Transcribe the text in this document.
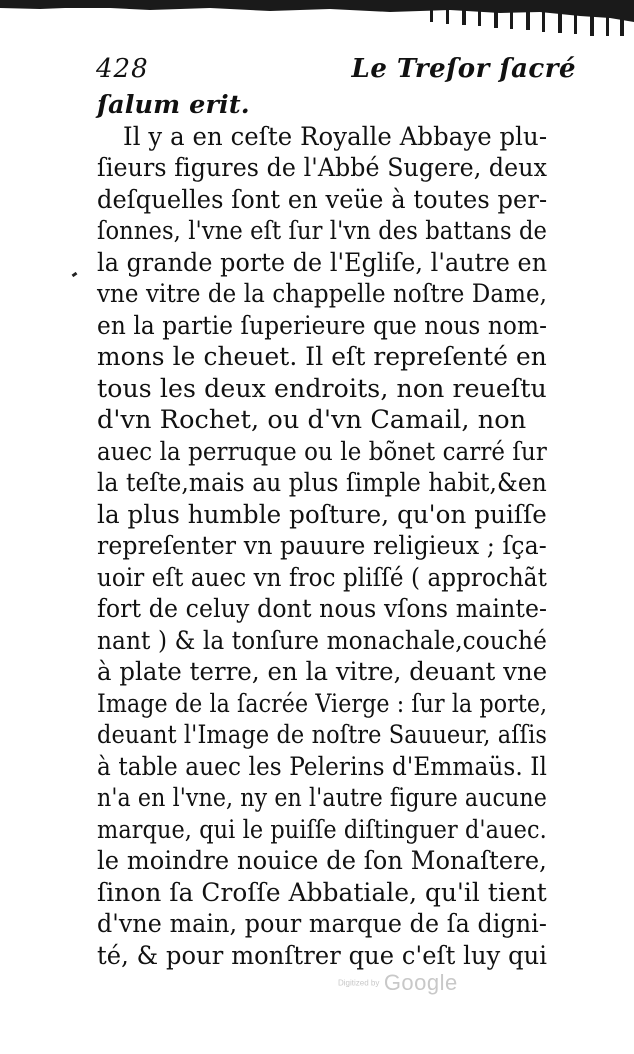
428	Le Treſor ſacré
ſalum erit.
Il y a en ceſte Royalle Abbaye plu-
ſieurs figures de l'Abbé Sugere, deux
deſquelles ſont en veüe à toutes per-
ſonnes, l'vne eſt ſur l'vn des battans de
la grande porte de l'Egliſe, l'autre en
vne vitre de la chappelle noſtre Dame,
en la partie ſuperieure que nous nom-
mons le cheuet. Il eſt repreſenté en
tous les deux endroits, non reueſtu
d'vn Rochet, ou d'vn Camail, non
auec la perruque ou le bõnet carré ſur
la teſte,mais au plus ſimple habit,&en
la plus humble poſture, qu'on puiſſe
repreſenter vn pauure religieux ; ſça-
uoir eſt auec vn froc pliſſé ( approchãt
fort de celuy dont nous vſons mainte-
nant ) & la tonſure monachale,couché
à plate terre, en la vitre, deuant vne
Image de la ſacrée Vierge : ſur la porte,
deuant l'Image de noſtre Sauueur, aſſis
à table auec les Pelerins d'Emmaüs. Il
n'a en l'vne, ny en l'autre figure aucune
marque, qui le puiſſe diſtinguer d'auec.
le moindre nouice de ſon Monaſtere,
ſinon ſa Croſſe Abbatiale, qu'il tient
d'vne main, pour marque de ſa digni-
té, & pour monſtrer que c'eſt luy qui
Digitized by Google
